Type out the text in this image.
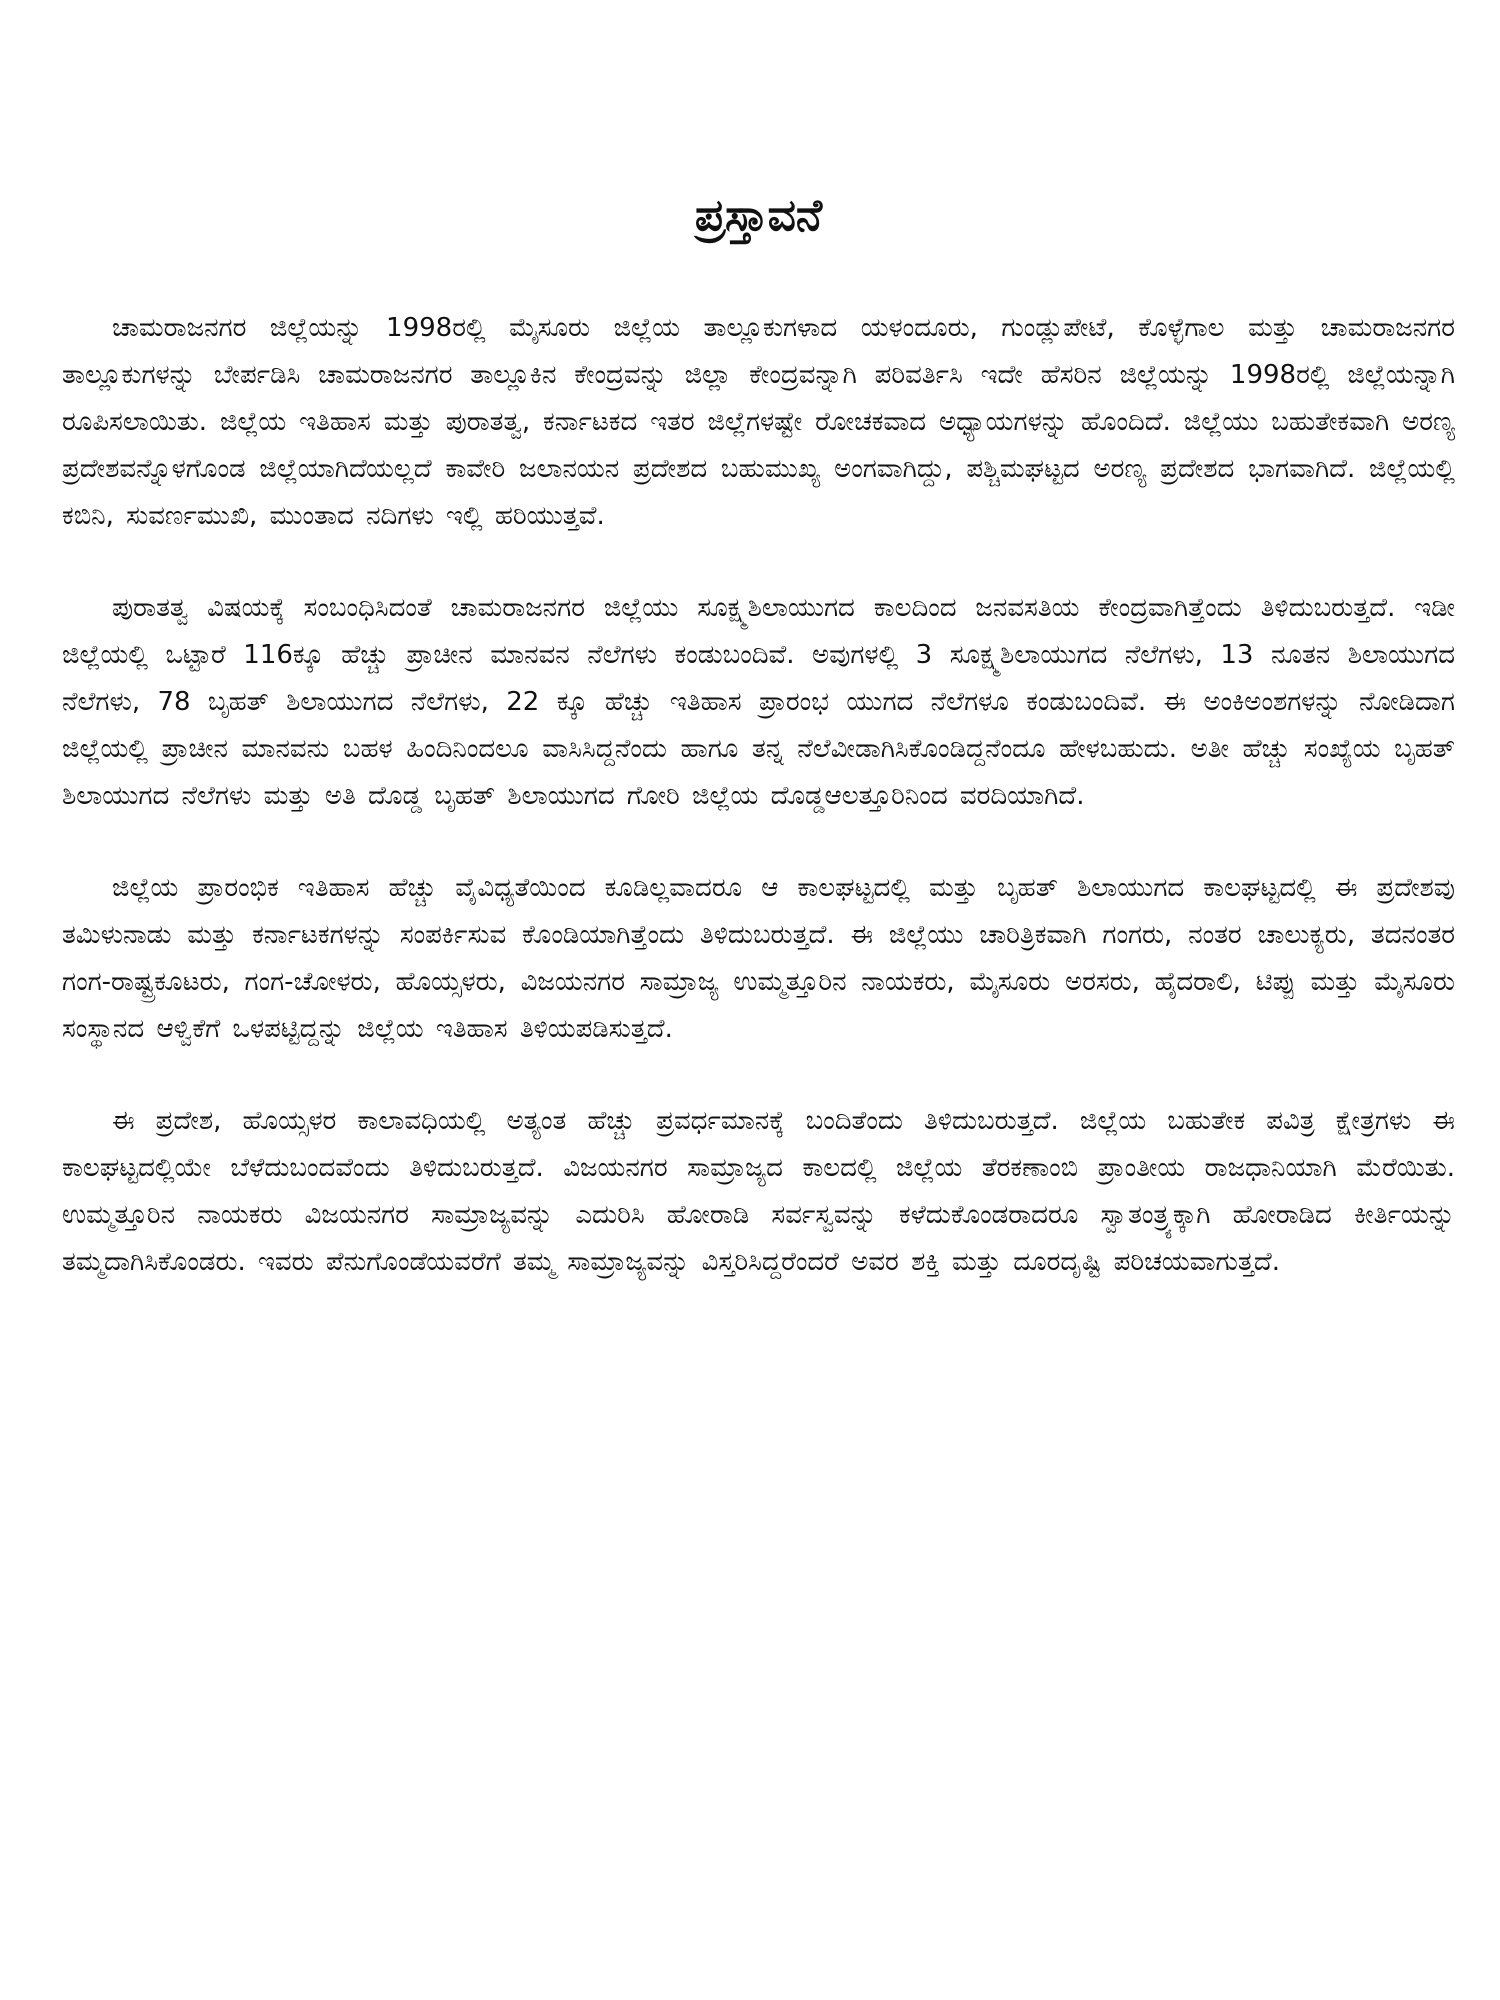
ಪ್ರಸ್ತಾವನೆ

ಚಾಮರಾಜನಗರ ಜಿಲ್ಲೆಯನ್ನು 1998ರಲ್ಲಿ ಮೈಸೂರು ಜಿಲ್ಲೆಯ ತಾಲ್ಲೂಕುಗಳಾದ ಯಳಂದೂರು, ಗುಂಡ್ಲುಪೇಟೆ, ಕೊಳ್ಳೆಗಾಲ ಮತ್ತು ಚಾಮರಾಜನಗರ ತಾಲ್ಲೂಕುಗಳನ್ನು ಬೇರ್ಪಡಿಸಿ ಚಾಮರಾಜನಗರ ತಾಲ್ಲೂಕಿನ ಕೇಂದ್ರವನ್ನು ಜಿಲ್ಲಾ ಕೇಂದ್ರವನ್ನಾಗಿ ಪರಿವರ್ತಿಸಿ ಇದೇ ಹೆಸರಿನ ಜಿಲ್ಲೆಯನ್ನು 1998ರಲ್ಲಿ ಜಿಲ್ಲೆಯನ್ನಾಗಿ ರೂಪಿಸಲಾಯಿತು. ಜಿಲ್ಲೆಯ ಇತಿಹಾಸ ಮತ್ತು ಪುರಾತತ್ವ, ಕರ್ನಾಟಕದ ಇತರ ಜಿಲ್ಲೆಗಳಷ್ಟೇ ರೋಚಕವಾದ ಅಧ್ಯಾಯಗಳನ್ನು ಹೊಂದಿದೆ. ಜಿಲ್ಲೆಯು ಬಹುತೇಕವಾಗಿ ಅರಣ್ಯ ಪ್ರದೇಶವನ್ನೊಳಗೊಂಡ ಜಿಲ್ಲೆಯಾಗಿದೆಯಲ್ಲದೆ ಕಾವೇರಿ ಜಲಾನಯನ ಪ್ರದೇಶದ ಬಹುಮುಖ್ಯ ಅಂಗವಾಗಿದ್ದು, ಪಶ್ಚಿಮಘಟ್ಟದ ಅರಣ್ಯ ಪ್ರದೇಶದ ಭಾಗವಾಗಿದೆ. ಜಿಲ್ಲೆಯಲ್ಲಿ ಕಬಿನಿ, ಸುವರ್ಣಮುಖಿ, ಮುಂತಾದ ನದಿಗಳು ಇಲ್ಲಿ ಹರಿಯುತ್ತವೆ.

ಪುರಾತತ್ವ ವಿಷಯಕ್ಕೆ ಸಂಬಂಧಿಸಿದಂತೆ ಚಾಮರಾಜನಗರ ಜಿಲ್ಲೆಯು ಸೂಕ್ಷ್ಮಶಿಲಾಯುಗದ ಕಾಲದಿಂದ ಜನವಸತಿಯ ಕೇಂದ್ರವಾಗಿತ್ತೆಂದು ತಿಳಿದುಬರುತ್ತದೆ. ಇಡೀ ಜಿಲ್ಲೆಯಲ್ಲಿ ಒಟ್ಟಾರೆ 116ಕ್ಕೂ ಹೆಚ್ಚು ಪ್ರಾಚೀನ ಮಾನವನ ನೆಲೆಗಳು ಕಂಡುಬಂದಿವೆ. ಅವುಗಳಲ್ಲಿ 3 ಸೂಕ್ಷ್ಮಶಿಲಾಯುಗದ ನೆಲೆಗಳು, 13 ನೂತನ ಶಿಲಾಯುಗದ ನೆಲೆಗಳು, 78 ಬೃಹತ್ ಶಿಲಾಯುಗದ ನೆಲೆಗಳು, 22 ಕ್ಕೂ ಹೆಚ್ಚು ಇತಿಹಾಸ ಪ್ರಾರಂಭ ಯುಗದ ನೆಲೆಗಳೂ ಕಂಡುಬಂದಿವೆ. ಈ ಅಂಕಿಅಂಶಗಳನ್ನು ನೋಡಿದಾಗ ಜಿಲ್ಲೆಯಲ್ಲಿ ಪ್ರಾಚೀನ ಮಾನವನು ಬಹಳ ಹಿಂದಿನಿಂದಲೂ ವಾಸಿಸಿದ್ದನೆಂದು ಹಾಗೂ ತನ್ನ ನೆಲೆವೀಡಾಗಿಸಿಕೊಂಡಿದ್ದನೆಂದೂ ಹೇಳಬಹುದು. ಅತೀ ಹೆಚ್ಚು ಸಂಖ್ಯೆಯ ಬೃಹತ್ ಶಿಲಾಯುಗದ ನೆಲೆಗಳು ಮತ್ತು ಅತಿ ದೊಡ್ಡ ಬೃಹತ್ ಶಿಲಾಯುಗದ ಗೋರಿ ಜಿಲ್ಲೆಯ ದೊಡ್ಡಆಲತ್ತೂರಿನಿಂದ ವರದಿಯಾಗಿದೆ.

ಜಿಲ್ಲೆಯ ಪ್ರಾರಂಭಿಕ ಇತಿಹಾಸ ಹೆಚ್ಚು ವೈವಿಧ್ಯತೆಯಿಂದ ಕೂಡಿಲ್ಲವಾದರೂ ಆ ಕಾಲಘಟ್ಟದಲ್ಲಿ ಮತ್ತು ಬೃಹತ್ ಶಿಲಾಯುಗದ ಕಾಲಘಟ್ಟದಲ್ಲಿ ಈ ಪ್ರದೇಶವು ತಮಿಳುನಾಡು ಮತ್ತು ಕರ್ನಾಟಕಗಳನ್ನು ಸಂಪರ್ಕಿಸುವ ಕೊಂಡಿಯಾಗಿತ್ತೆಂದು ತಿಳಿದುಬರುತ್ತದೆ. ಈ ಜಿಲ್ಲೆಯು ಚಾರಿತ್ರಿಕವಾಗಿ ಗಂಗರು, ನಂತರ ಚಾಲುಕ್ಯರು, ತದನಂತರ ಗಂಗ-ರಾಷ್ಟ್ರಕೂಟರು, ಗಂಗ-ಚೋಳರು, ಹೊಯ್ಸಳರು, ವಿಜಯನಗರ ಸಾಮ್ರಾಜ್ಯ ಉಮ್ಮತ್ತೂರಿನ ನಾಯಕರು, ಮೈಸೂರು ಅರಸರು, ಹೈದರಾಲಿ, ಟಿಪ್ಪು ಮತ್ತು ಮೈಸೂರು ಸಂಸ್ಥಾನದ ಆಳ್ವಿಕೆಗೆ ಒಳಪಟ್ಟಿದ್ದನ್ನು ಜಿಲ್ಲೆಯ ಇತಿಹಾಸ ತಿಳಿಯಪಡಿಸುತ್ತದೆ.

ಈ ಪ್ರದೇಶ, ಹೊಯ್ಸಳರ ಕಾಲಾವಧಿಯಲ್ಲಿ ಅತ್ಯಂತ ಹೆಚ್ಚು ಪ್ರವರ್ಧಮಾನಕ್ಕೆ ಬಂದಿತೆಂದು ತಿಳಿದುಬರುತ್ತದೆ. ಜಿಲ್ಲೆಯ ಬಹುತೇಕ ಪವಿತ್ರ ಕ್ಷೇತ್ರಗಳು ಈ ಕಾಲಘಟ್ಟದಲ್ಲಿಯೇ ಬೆಳೆದುಬಂದವೆಂದು ತಿಳಿದುಬರುತ್ತದೆ. ವಿಜಯನಗರ ಸಾಮ್ರಾಜ್ಯದ ಕಾಲದಲ್ಲಿ ಜಿಲ್ಲೆಯ ತೆರಕಣಾಂಬಿ ಪ್ರಾಂತೀಯ ರಾಜಧಾನಿಯಾಗಿ ಮೆರೆಯಿತು. ಉಮ್ಮತ್ತೂರಿನ ನಾಯಕರು ವಿಜಯನಗರ ಸಾಮ್ರಾಜ್ಯವನ್ನು ಎದುರಿಸಿ ಹೋರಾಡಿ ಸರ್ವಸ್ವವನ್ನು ಕಳೆದುಕೊಂಡರಾದರೂ ಸ್ವಾತಂತ್ರ್ಯಕ್ಕಾಗಿ ಹೋರಾಡಿದ ಕೀರ್ತಿಯನ್ನು ತಮ್ಮದಾಗಿಸಿಕೊಂಡರು. ಇವರು ಪೆನುಗೊಂಡೆಯವರೆಗೆ ತಮ್ಮ ಸಾಮ್ರಾಜ್ಯವನ್ನು ವಿಸ್ತರಿಸಿದ್ದರೆಂದರೆ ಅವರ ಶಕ್ತಿ ಮತ್ತು ದೂರದೃಷ್ಟಿ ಪರಿಚಯವಾಗುತ್ತದೆ.
